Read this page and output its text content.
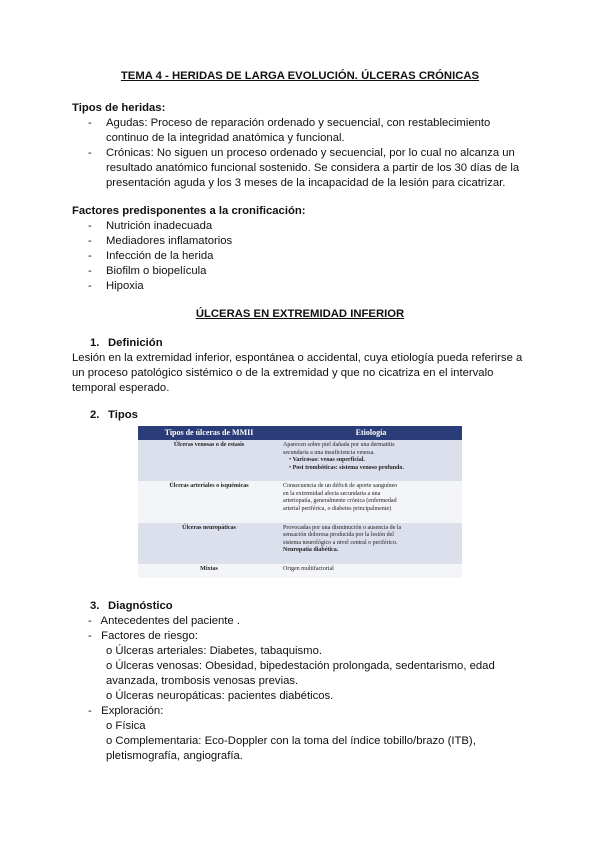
TEMA 4 - HERIDAS DE LARGA EVOLUCIÓN. ÚLCERAS CRÓNICAS
Tipos de heridas:
- Agudas: Proceso de reparación ordenado y secuencial, con restablecimiento
continuo de la integridad anatómica y funcional.
- Crónicas: No siguen un proceso ordenado y secuencial, por lo cual no alcanza un
resultado anatómico funcional sostenido. Se considera a partir de los 30 días de la
presentación aguda y los 3 meses de la incapacidad de la lesión para cicatrizar.
Factores predisponentes a la cronificación:
- Nutrición inadecuada
- Mediadores inflamatorios
- Infección de la herida
- Biofilm o biopelícula
- Hipoxia
ÚLCERAS EN EXTREMIDAD INFERIOR
1. Definición
Lesión en la extremidad inferior, espontánea o accidental, cuya etiología pueda referirse a
un proceso patológico sistémico o de la extremidad y que no cicatriza en el intervalo
temporal esperado.
2. Tipos
Tipos de úlceras de MMII	Etiología
Úlceras venosas o de estasis	Aparecen sobre piel dañada por una dermatitis
secundaria a una insuficiencia venosa.
• Varicosas: venas superficial.
• Post trombóticas: sistema venoso profundo.

Úlceras arteriales o isquémicas	Consecuencia de un déficit de aporte sanguíneo
en la extremidad afecta secundaria a una
arteriopatía, generalmente crónica (enfermedad
arterial periférica, o diabetes principalmente)

Úlceras neuropáticas	Provocadas por una disminución o ausencia de la
sensación dolorosa producida por la lesión del
sistema neurológico a nivel central o periférico.
Neuropatía diabética.

Mixtas	Origen multifactorial
3. Diagnóstico
-   Antecedentes del paciente .
-   Factores de riesgo:
o Úlceras arteriales: Diabetes, tabaquismo.
o Úlceras venosas: Obesidad, bipedestación prolongada, sedentarismo, edad
avanzada, trombosis venosas previas.
o Úlceras neuropáticas: pacientes diabéticos.
-   Exploración:
o Física
o Complementaria: Eco-Doppler con la toma del índice tobillo/brazo (ITB),
pletismografía, angiografía.
